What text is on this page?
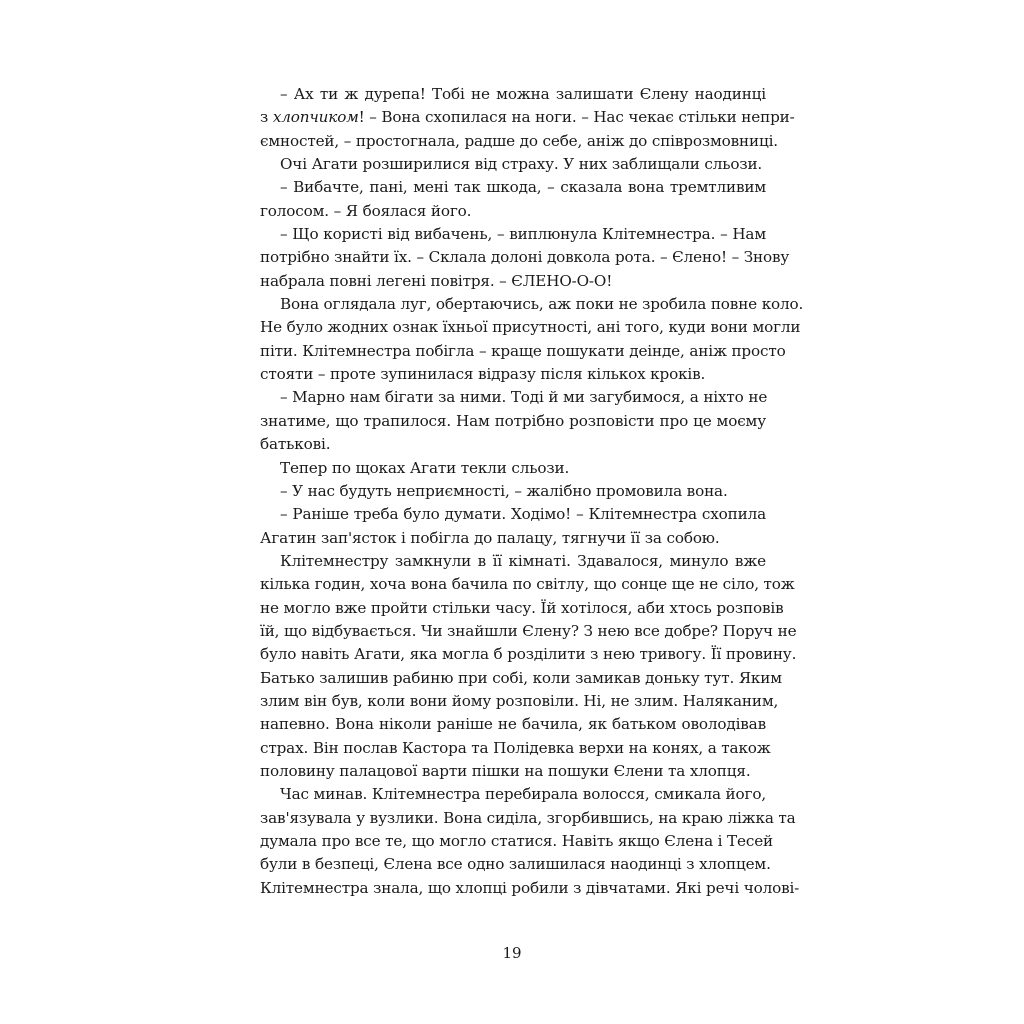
– Ах ти ж дурепа! Тобі не можна залишати Єлену наодинці
з хлопчиком! – Вона схопилася на ноги. – Нас чекає стільки непри-
ємностей, – простогнала, радше до себе, аніж до співрозмовниці.
Очі Агати розширилися від страху. У них заблищали сльози.
– Вибачте, пані, мені так шкода, – сказала вона тремтливим
голосом. – Я боялася його.
– Що користі від вибачень, – виплюнула Клітемнестра. – Нам
потрібно знайти їх. – Склала долоні довкола рота. – Єлено! – Знову
набрала повні легені повітря. – ЄЛЕНО-О-О!
Вона оглядала луг, обертаючись, аж поки не зробила повне коло.
Не було жодних ознак їхньої присутності, ані того, куди вони могли
піти. Клітемнестра побігла – краще пошукати деінде, аніж просто
стояти – проте зупинилася відразу після кількох кроків.
– Марно нам бігати за ними. Тоді й ми загубимося, а ніхто не
знатиме, що трапилося. Нам потрібно розповісти про це моєму
батькові.
Тепер по щоках Агати текли сльози.
– У нас будуть неприємності, – жалібно промовила вона.
– Раніше треба було думати. Ходімо! – Клітемнестра схопила
Агатин зап'ясток і побігла до палацу, тягнучи її за собою.
Клітемнестру замкнули в її кімнаті. Здавалося, минуло вже
кілька годин, хоча вона бачила по світлу, що сонце ще не сіло, тож
не могло вже пройти стільки часу. Їй хотілося, аби хтось розповів
їй, що відбувається. Чи знайшли Єлену? З нею все добре? Поруч не
було навіть Агати, яка могла б розділити з нею тривогу. Її провину.
Батько залишив рабиню при собі, коли замикав доньку тут. Яким
злим він був, коли вони йому розповіли. Ні, не злим. Наляканим,
напевно. Вона ніколи раніше не бачила, як батьком оволодівав
страх. Він послав Кастора та Полідевка верхи на конях, а також
половину палацової варти пішки на пошуки Єлени та хлопця.
Час минав. Клітемнестра перебирала волосся, смикала його,
зав'язувала у вузлики. Вона сиділа, згорбившись, на краю ліжка та
думала про все те, що могло статися. Навіть якщо Єлена і Тесей
були в безпеці, Єлена все одно залишилася наодинці з хлопцем.
Клітемнестра знала, що хлопці робили з дівчатами. Які речі чолові-
19
